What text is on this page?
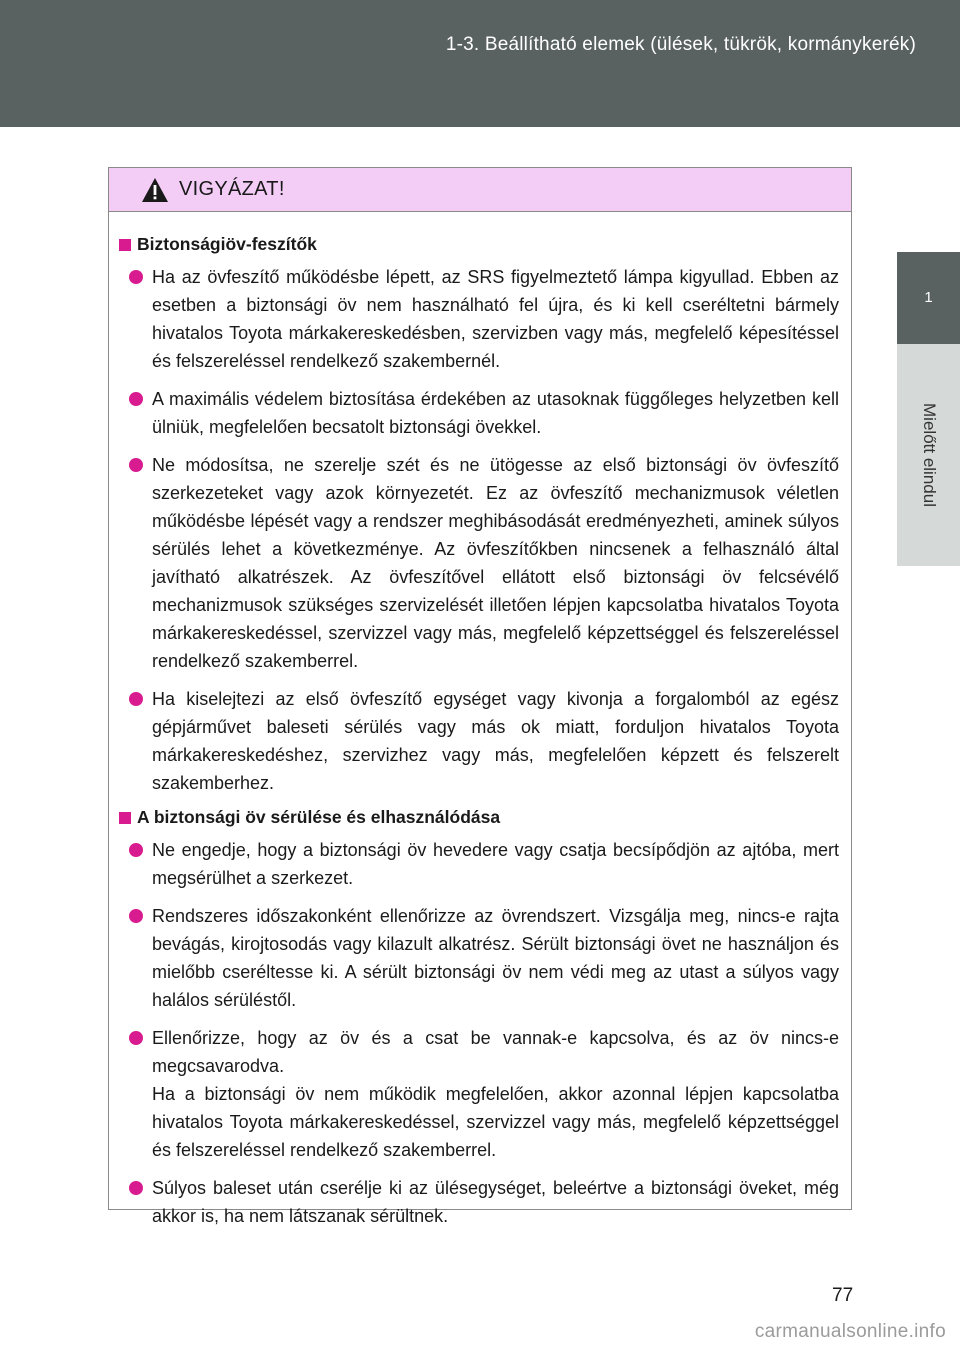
1-3. Beállítható elemek (ülések, tükrök, kormánykerék)
1
Mielőtt elindul
VIGYÁZAT!
Biztonságiöv-feszítők
Ha az övfeszítő működésbe lépett, az SRS figyelmeztető lámpa kigyullad. Ebben az esetben a biztonsági öv nem használható fel újra, és ki kell cseréltetni bármely hivatalos Toyota márkakereskedésben, szervizben vagy más, megfelelő képesítéssel és felszereléssel rendelkező szakembernél.
A maximális védelem biztosítása érdekében az utasoknak függőleges helyzetben kell ülniük, megfelelően becsatolt biztonsági övekkel.
Ne módosítsa, ne szerelje szét és ne ütögesse az első biztonsági öv övfeszítő szerkezeteket vagy azok környezetét. Ez az övfeszítő mechanizmusok véletlen működésbe lépését vagy a rendszer meghibásodását eredményezheti, aminek súlyos sérülés lehet a következménye. Az övfeszítőkben nincsenek a felhasználó által javítható alkatrészek. Az övfeszítővel ellátott első biztonsági öv felcsévélő mechanizmusok szükséges szervizelését illetően lépjen kapcsolatba hivatalos Toyota márkakereskedéssel, szervizzel vagy más, megfelelő képzettséggel és felszereléssel rendelkező szakemberrel.
Ha kiselejtezi az első övfeszítő egységet vagy kivonja a forgalomból az egész gépjárművet baleseti sérülés vagy más ok miatt, forduljon hivatalos Toyota márkakereskedéshez, szervizhez vagy más, megfelelően képzett és felszerelt szakemberhez.
A biztonsági öv sérülése és elhasználódása
Ne engedje, hogy a biztonsági öv hevedere vagy csatja becsípődjön az ajtóba, mert megsérülhet a szerkezet.
Rendszeres időszakonként ellenőrizze az övrendszert. Vizsgálja meg, nincs-e rajta bevágás, kirojtosodás vagy kilazult alkatrész. Sérült biztonsági övet ne használjon és mielőbb cseréltesse ki. A sérült biztonsági öv nem védi meg az utast a súlyos vagy halálos sérüléstől.
Ellenőrizze, hogy az öv és a csat be vannak-e kapcsolva, és az öv nincs-e megcsavarodva.
Ha a biztonsági öv nem működik megfelelően, akkor azonnal lépjen kapcsolatba hivatalos Toyota márkakereskedéssel, szervizzel vagy más, megfelelő képzettséggel és felszereléssel rendelkező szakemberrel.
Súlyos baleset után cserélje ki az ülésegységet, beleértve a biztonsági öveket, még akkor is, ha nem látszanak sérültnek.
77
carmanualsonline.info
